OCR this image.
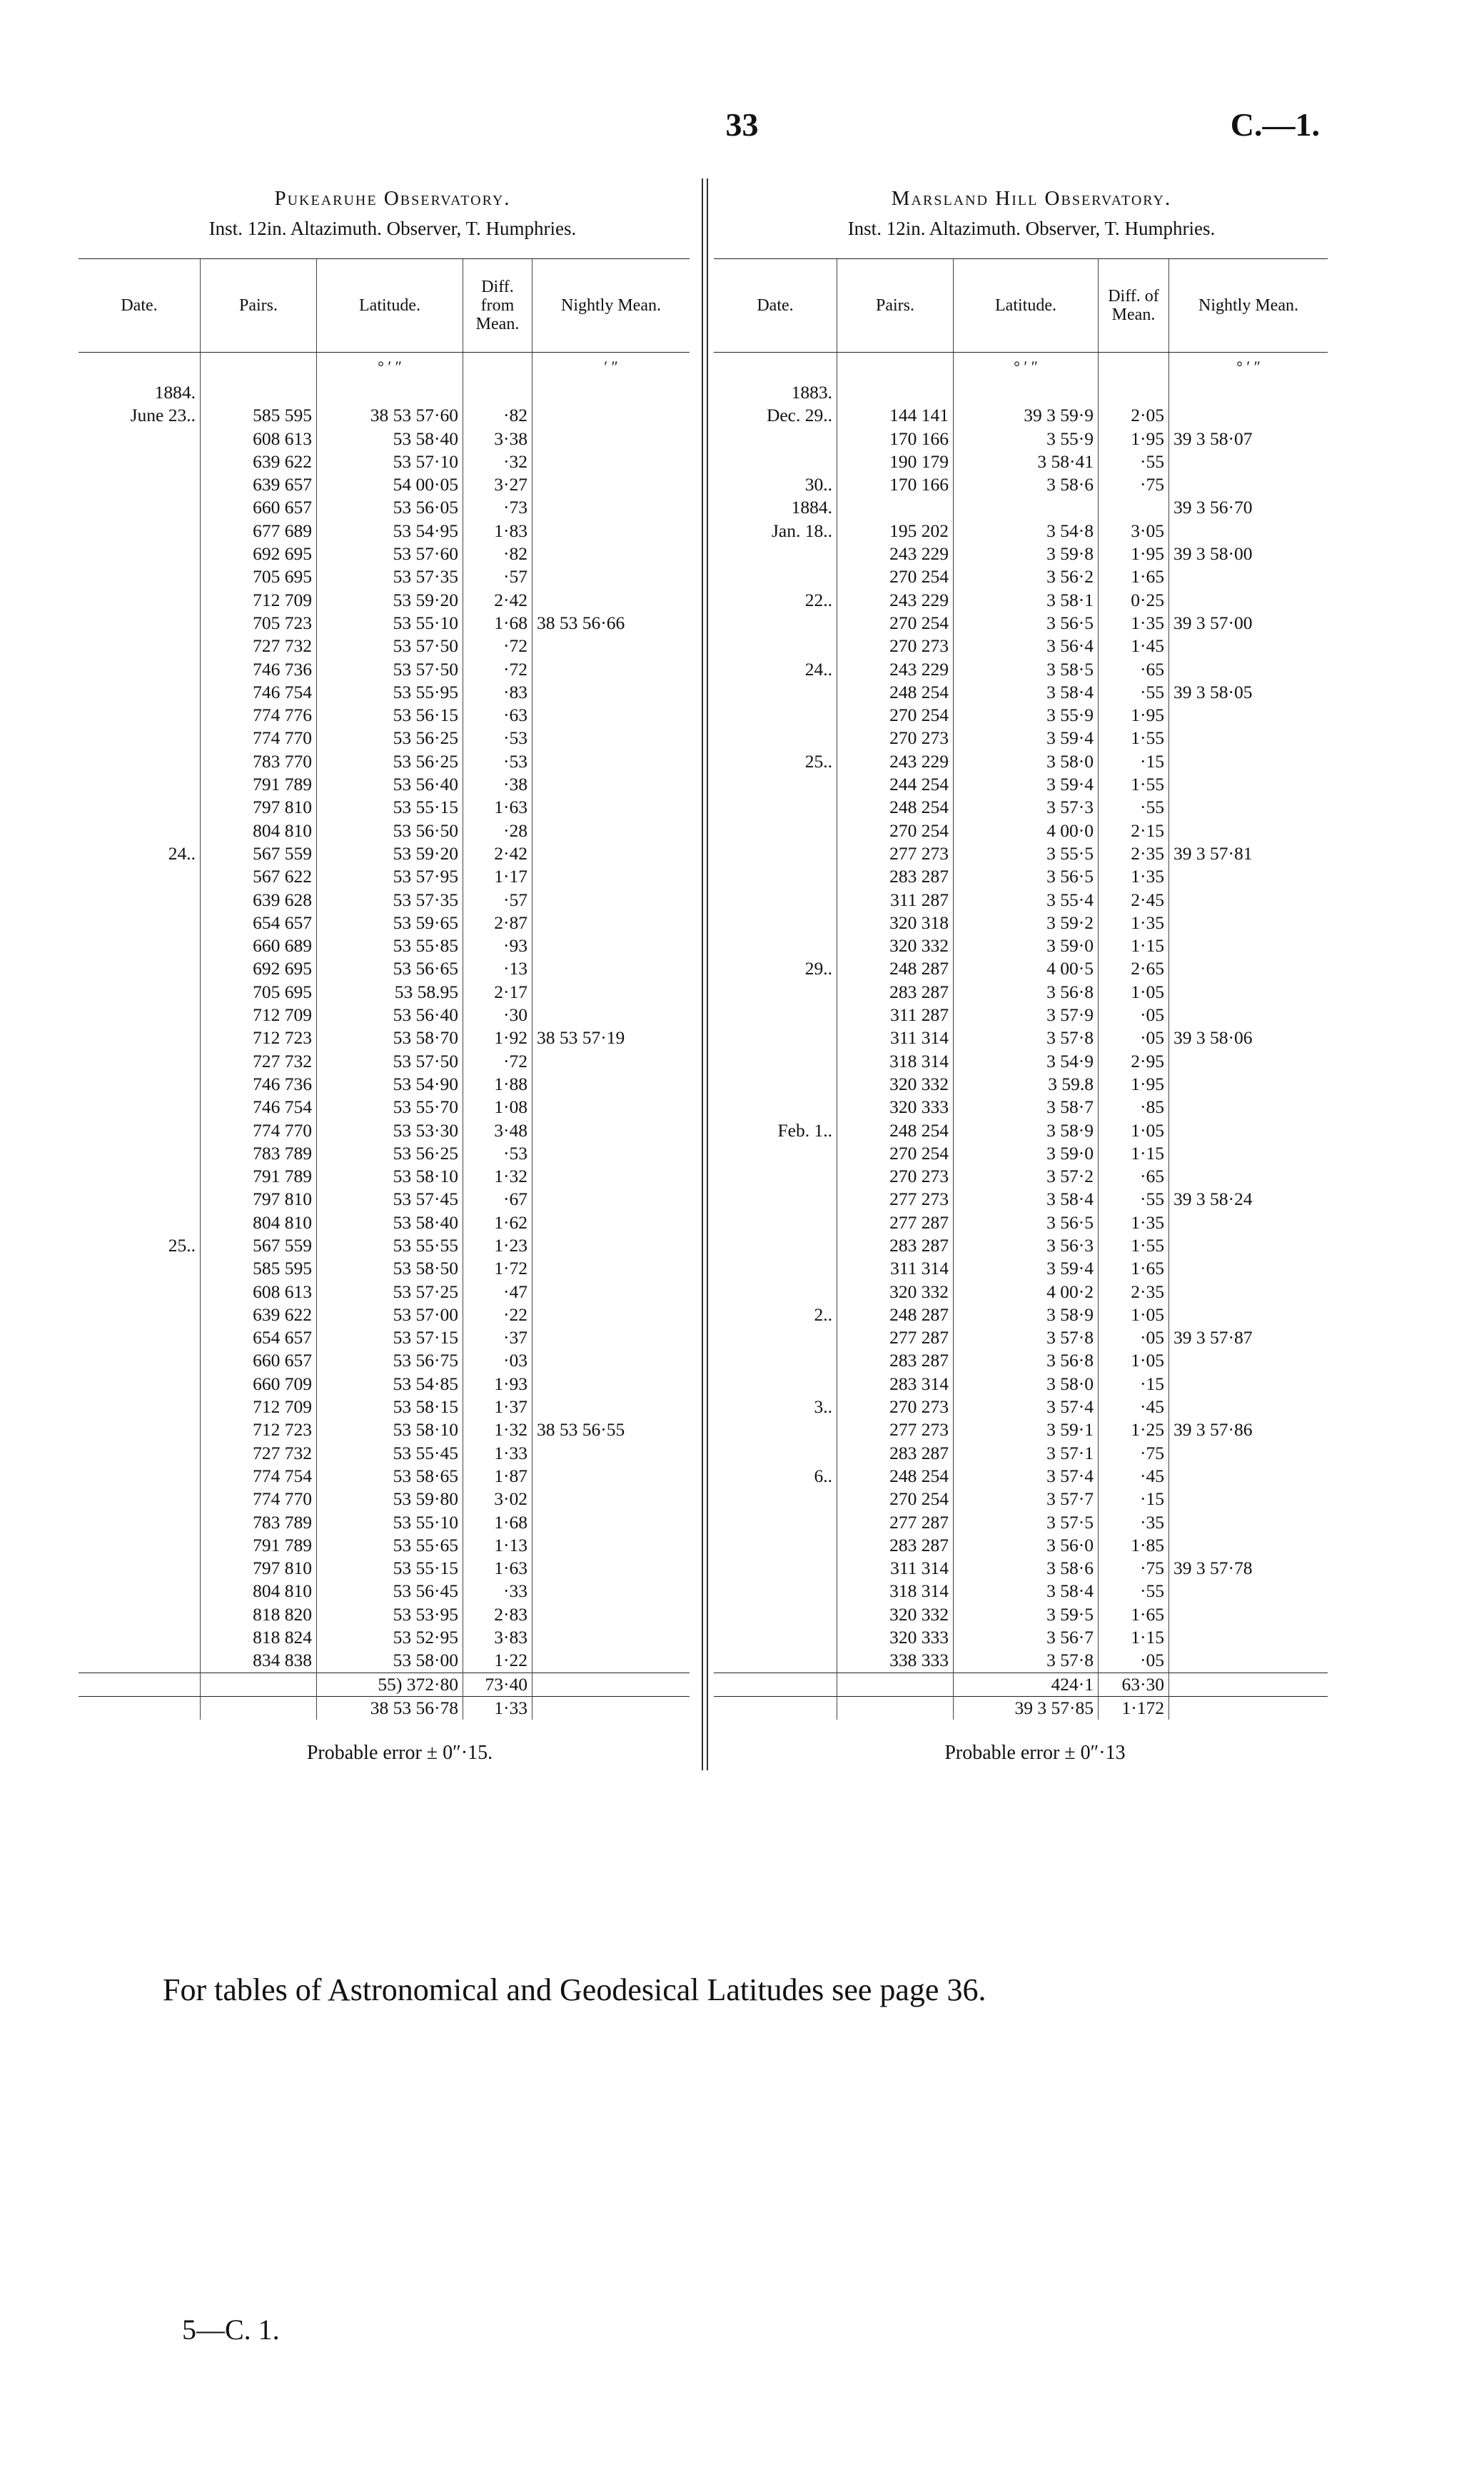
33	C.—1.
Pukearuhe Observatory.
Inst. 12in. Altazimuth. Observer, T. Humphries.
Date.	Pairs.	Latitude.	Diff. from Mean.	Nightly Mean.
		° ′ ″		′ ″
1884.				
June 23..	585 595	38 53 57·60	·82	
	608 613	53 58·40	3·38	
	639 622	53 57·10	·32	
	639 657	54 00·05	3·27	
	660 657	53 56·05	·73	
	677 689	53 54·95	1·83	
	692 695	53 57·60	·82	
	705 695	53 57·35	·57	
	712 709	53 59·20	2·42	
	705 723	53 55·10	1·68	38 53 56·66
	727 732	53 57·50	·72	
	746 736	53 57·50	·72	
	746 754	53 55·95	·83	
	774 776	53 56·15	·63	
	774 770	53 56·25	·53	
	783 770	53 56·25	·53	
	791 789	53 56·40	·38	
	797 810	53 55·15	1·63	
	804 810	53 56·50	·28	
24..	567 559	53 59·20	2·42	
	567 622	53 57·95	1·17	
	639 628	53 57·35	·57	
	654 657	53 59·65	2·87	
	660 689	53 55·85	·93	
	692 695	53 56·65	·13	
	705 695	53 58.95	2·17	
	712 709	53 56·40	·30	
	712 723	53 58·70	1·92	38 53 57·19
	727 732	53 57·50	·72	
	746 736	53 54·90	1·88	
	746 754	53 55·70	1·08	
	774 770	53 53·30	3·48	
	783 789	53 56·25	·53	
	791 789	53 58·10	1·32	
	797 810	53 57·45	·67	
	804 810	53 58·40	1·62	
25..	567 559	53 55·55	1·23	
	585 595	53 58·50	1·72	
	608 613	53 57·25	·47	
	639 622	53 57·00	·22	
	654 657	53 57·15	·37	
	660 657	53 56·75	·03	
	660 709	53 54·85	1·93	
	712 709	53 58·15	1·37	
	712 723	53 58·10	1·32	38 53 56·55
	727 732	53 55·45	1·33	
	774 754	53 58·65	1·87	
	774 770	53 59·80	3·02	
	783 789	53 55·10	1·68	
	791 789	53 55·65	1·13	
	797 810	53 55·15	1·63	
	804 810	53 56·45	·33	
	818 820	53 53·95	2·83	
	818 824	53 52·95	3·83	
	834 838	53 58·00	1·22	
		55) 372·80	73·40	
		38 53 56·78	1·33	
Probable error ± 0″·15.
Marsland Hill Observatory.
Inst. 12in. Altazimuth. Observer, T. Humphries.
Date.	Pairs.	Latitude.	Diff. of Mean.	Nightly Mean.
		° ′ ″		° ′ ″
1883.				
Dec. 29..	144 141	39 3 59·9	2·05	
	170 166	3 55·9	1·95	39 3 58·07
	190 179	3 58·41	·55	
30..	170 166	3 58·6	·75	
1884.				39 3 56·70
Jan. 18..	195 202	3 54·8	3·05	
	243 229	3 59·8	1·95	39 3 58·00
	270 254	3 56·2	1·65	
22..	243 229	3 58·1	0·25	
	270 254	3 56·5	1·35	39 3 57·00
	270 273	3 56·4	1·45	
24..	243 229	3 58·5	·65	
	248 254	3 58·4	·55	39 3 58·05
	270 254	3 55·9	1·95	
	270 273	3 59·4	1·55	
25..	243 229	3 58·0	·15	
	244 254	3 59·4	1·55	
	248 254	3 57·3	·55	
	270 254	4 00·0	2·15	
	277 273	3 55·5	2·35	39 3 57·81
	283 287	3 56·5	1·35	
	311 287	3 55·4	2·45	
	320 318	3 59·2	1·35	
	320 332	3 59·0	1·15	
29..	248 287	4 00·5	2·65	
	283 287	3 56·8	1·05	
	311 287	3 57·9	·05	
	311 314	3 57·8	·05	39 3 58·06
	318 314	3 54·9	2·95	
	320 332	3 59.8	1·95	
	320 333	3 58·7	·85	
Feb. 1..	248 254	3 58·9	1·05	
	270 254	3 59·0	1·15	
	270 273	3 57·2	·65	
	277 273	3 58·4	·55	39 3 58·24
	277 287	3 56·5	1·35	
	283 287	3 56·3	1·55	
	311 314	3 59·4	1·65	
	320 332	4 00·2	2·35	
2..	248 287	3 58·9	1·05	
	277 287	3 57·8	·05	39 3 57·87
	283 287	3 56·8	1·05	
	283 314	3 58·0	·15	
3..	270 273	3 57·4	·45	
	277 273	3 59·1	1·25	39 3 57·86
	283 287	3 57·1	·75	
6..	248 254	3 57·4	·45	
	270 254	3 57·7	·15	
	277 287	3 57·5	·35	
	283 287	3 56·0	1·85	
	311 314	3 58·6	·75	39 3 57·78
	318 314	3 58·4	·55	
	320 332	3 59·5	1·65	
	320 333	3 56·7	1·15	
	338 333	3 57·8	·05	
		424·1	63·30	
		39 3 57·85	1·172	
Probable error ± 0″·13
For tables of Astronomical and Geodesical Latitudes see page 36.
5—C. 1.
